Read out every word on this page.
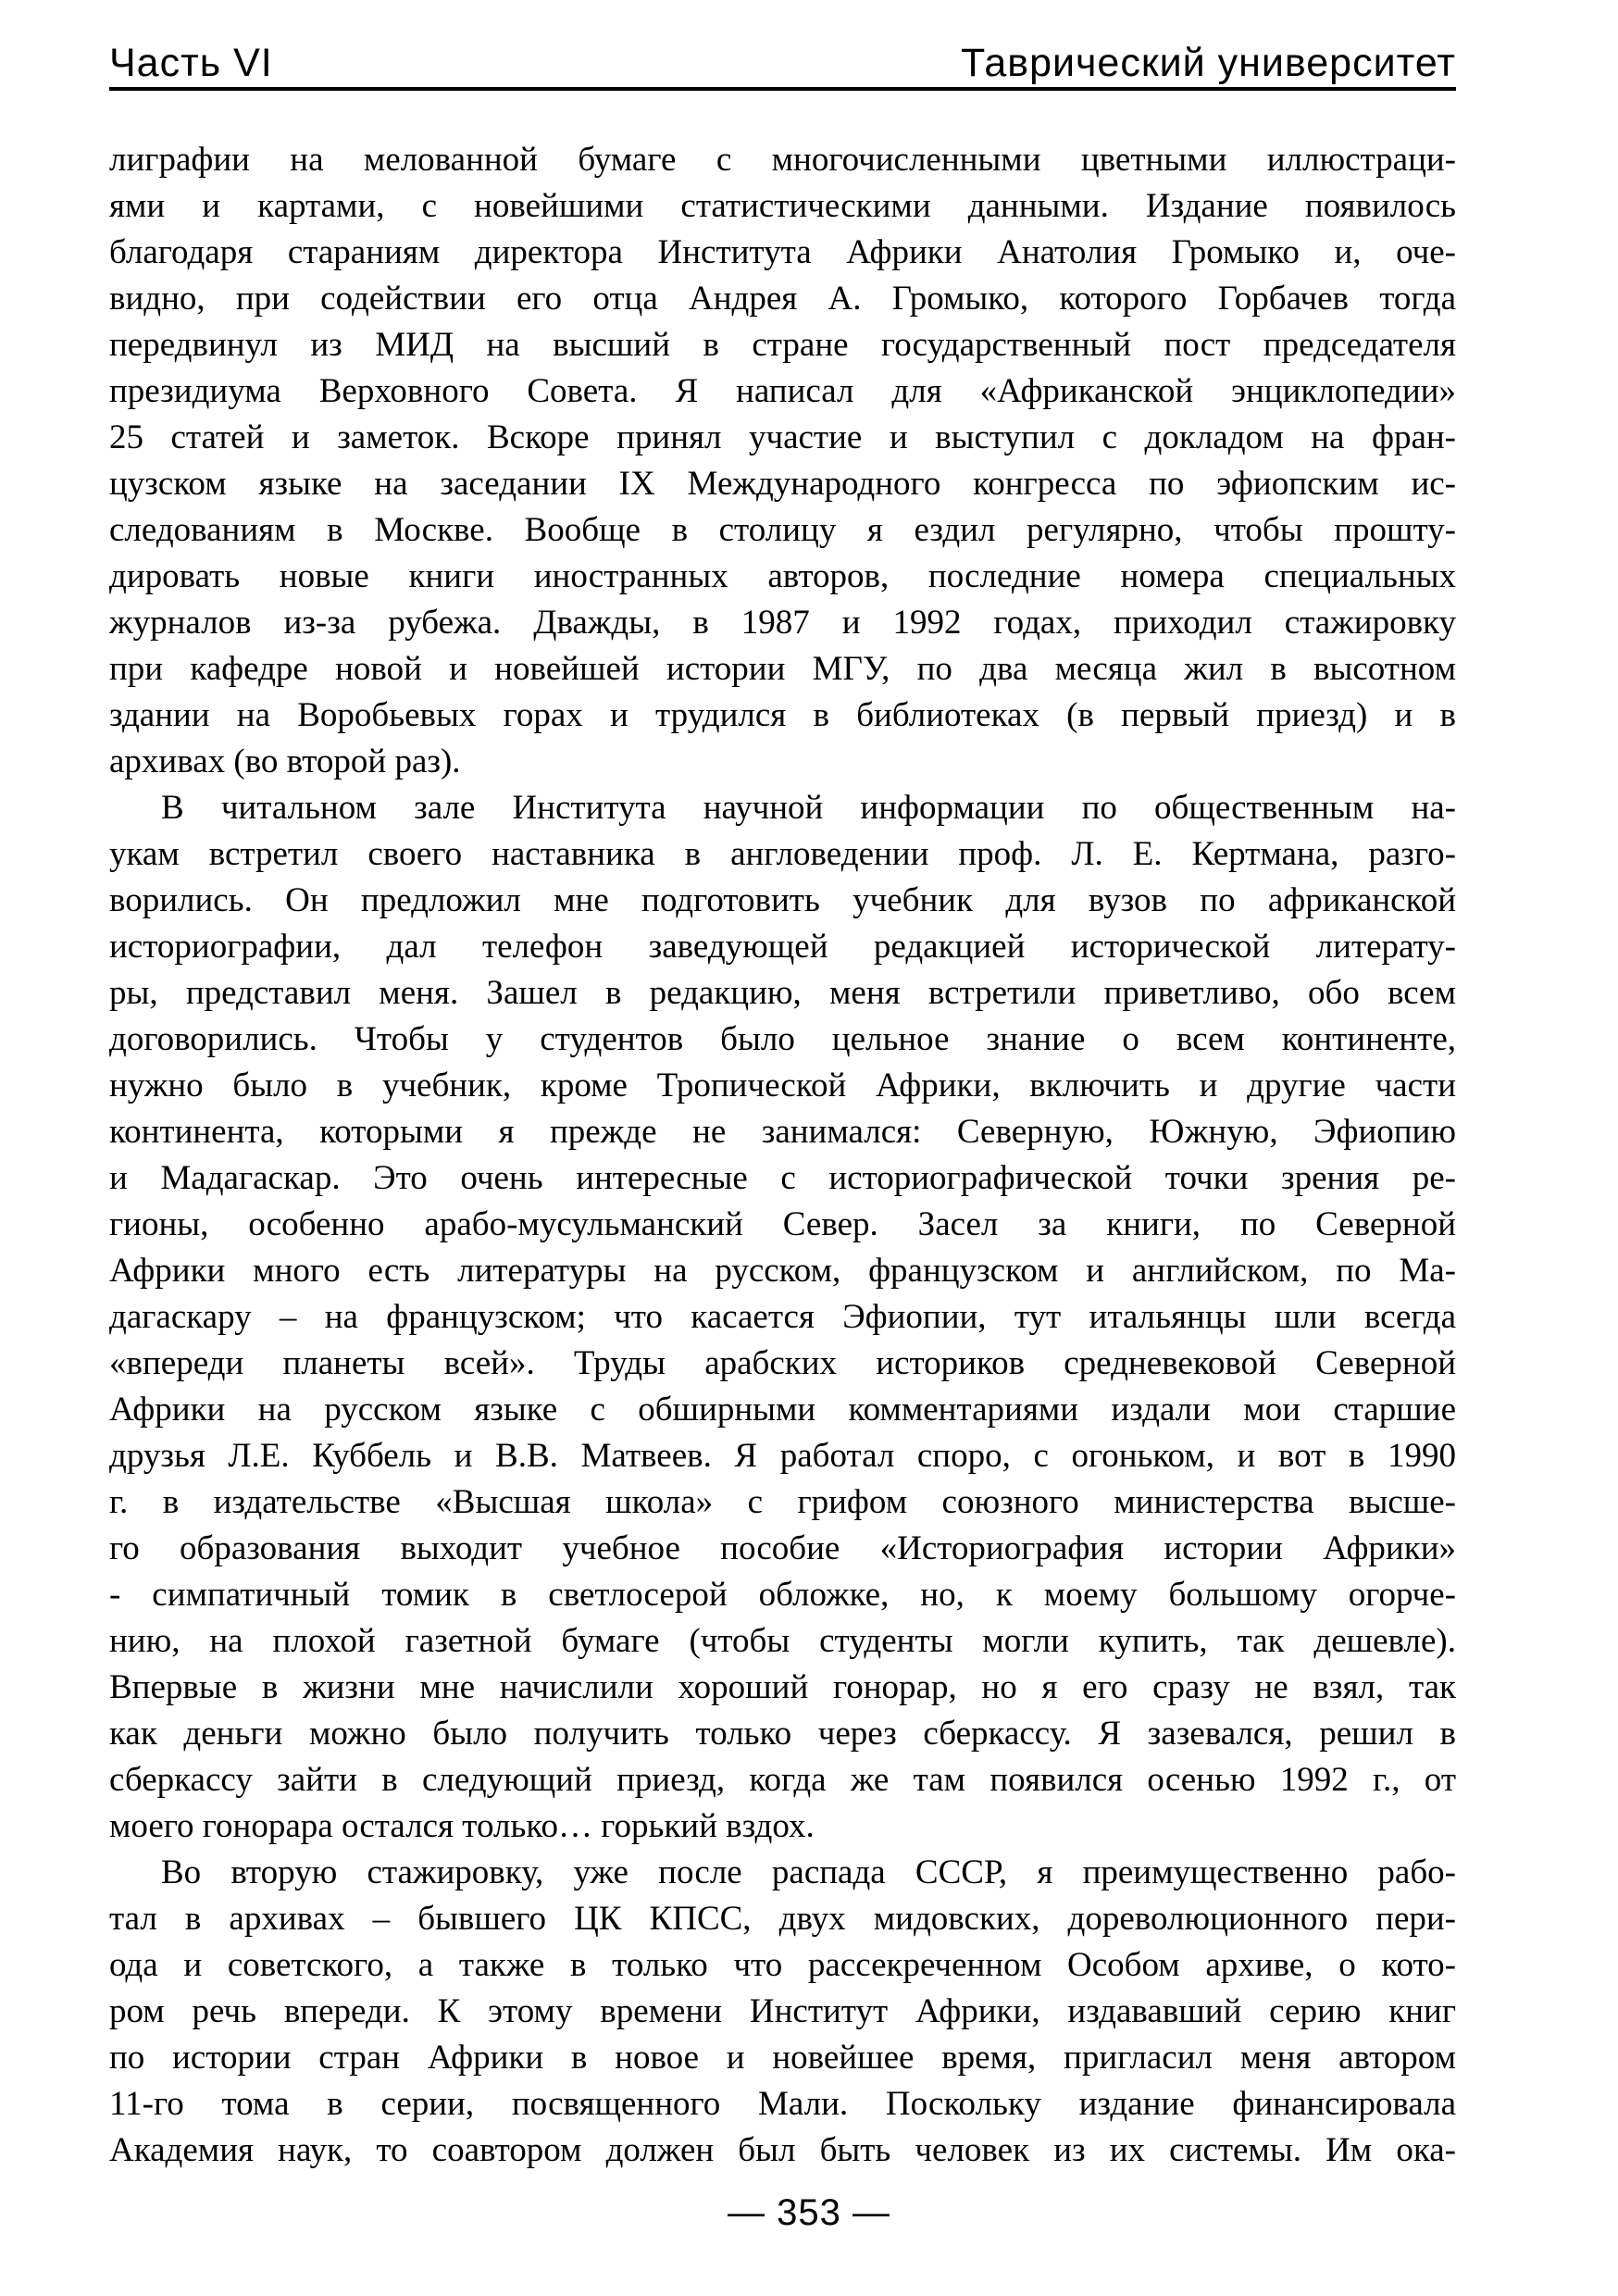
Часть VI	Таврический университет
лиграфии на мелованной бумаге с многочисленными цветными иллюстраци-
ями и картами, с новейшими статистическими данными. Издание появилось
благодаря стараниям директора Института Африки Анатолия Громыко и, оче-
видно, при содействии его отца Андрея А. Громыко, которого Горбачев тогда
передвинул из МИД на высший в стране государственный пост председателя
президиума Верховного Совета. Я написал для «Африканской энциклопедии»
25 статей и заметок. Вскоре принял участие и выступил с докладом на фран-
цузском языке на заседании IX Международного конгресса по эфиопским ис-
следованиям в Москве. Вообще в столицу я ездил регулярно, чтобы прошту-
дировать новые книги иностранных авторов, последние номера специальных
журналов из-за рубежа. Дважды, в 1987 и 1992 годах, приходил стажировку
при кафедре новой и новейшей истории МГУ, по два месяца жил в высотном
здании на Воробьевых горах и трудился в библиотеках (в первый приезд) и в
архивах (во второй раз).
В читальном зале Института научной информации по общественным на-
укам встретил своего наставника в англоведении проф. Л. Е. Кертмана, разго-
ворились. Он предложил мне подготовить учебник для вузов по африканской
историографии, дал телефон заведующей редакцией исторической литерату-
ры, представил меня. Зашел в редакцию, меня встретили приветливо, обо всем
договорились. Чтобы у студентов было цельное знание о всем континенте,
нужно было в учебник, кроме Тропической Африки, включить и другие части
континента, которыми я прежде не занимался: Северную, Южную, Эфиопию
и Мадагаскар. Это очень интересные с историографической точки зрения ре-
гионы, особенно арабо-мусульманский Север. Засел за книги, по Северной
Африки много есть литературы на русском, французском и английском, по Ма-
дагаскару – на французском; что касается Эфиопии, тут итальянцы шли всегда
«впереди планеты всей». Труды арабских историков средневековой Северной
Африки на русском языке с обширными комментариями издали мои старшие
друзья Л.Е. Куббель и В.В. Матвеев. Я работал споро, с огоньком, и вот в 1990
г. в издательстве «Высшая школа» с грифом союзного министерства высше-
го образования выходит учебное пособие «Историография истории Африки»
- симпатичный томик в светлосерой обложке, но, к моему большому огорче-
нию, на плохой газетной бумаге (чтобы студенты могли купить, так дешевле).
Впервые в жизни мне начислили хороший гонорар, но я его сразу не взял, так
как деньги можно было получить только через сберкассу. Я зазевался, решил в
сберкассу зайти в следующий приезд, когда же там появился осенью 1992 г., от
моего гонорара остался только… горький вздох.
Во вторую стажировку, уже после распада СССР, я преимущественно рабо-
тал в архивах – бывшего ЦК КПСС, двух мидовских, дореволюционного пери-
ода и советского, а также в только что рассекреченном Особом архиве, о кото-
ром речь впереди. К этому времени Институт Африки, издававший серию книг
по истории стран Африки в новое и новейшее время, пригласил меня автором
11-го тома в серии, посвященного Мали. Поскольку издание финансировала
Академия наук, то соавтором должен был быть человек из их системы. Им ока-
— 353 —
